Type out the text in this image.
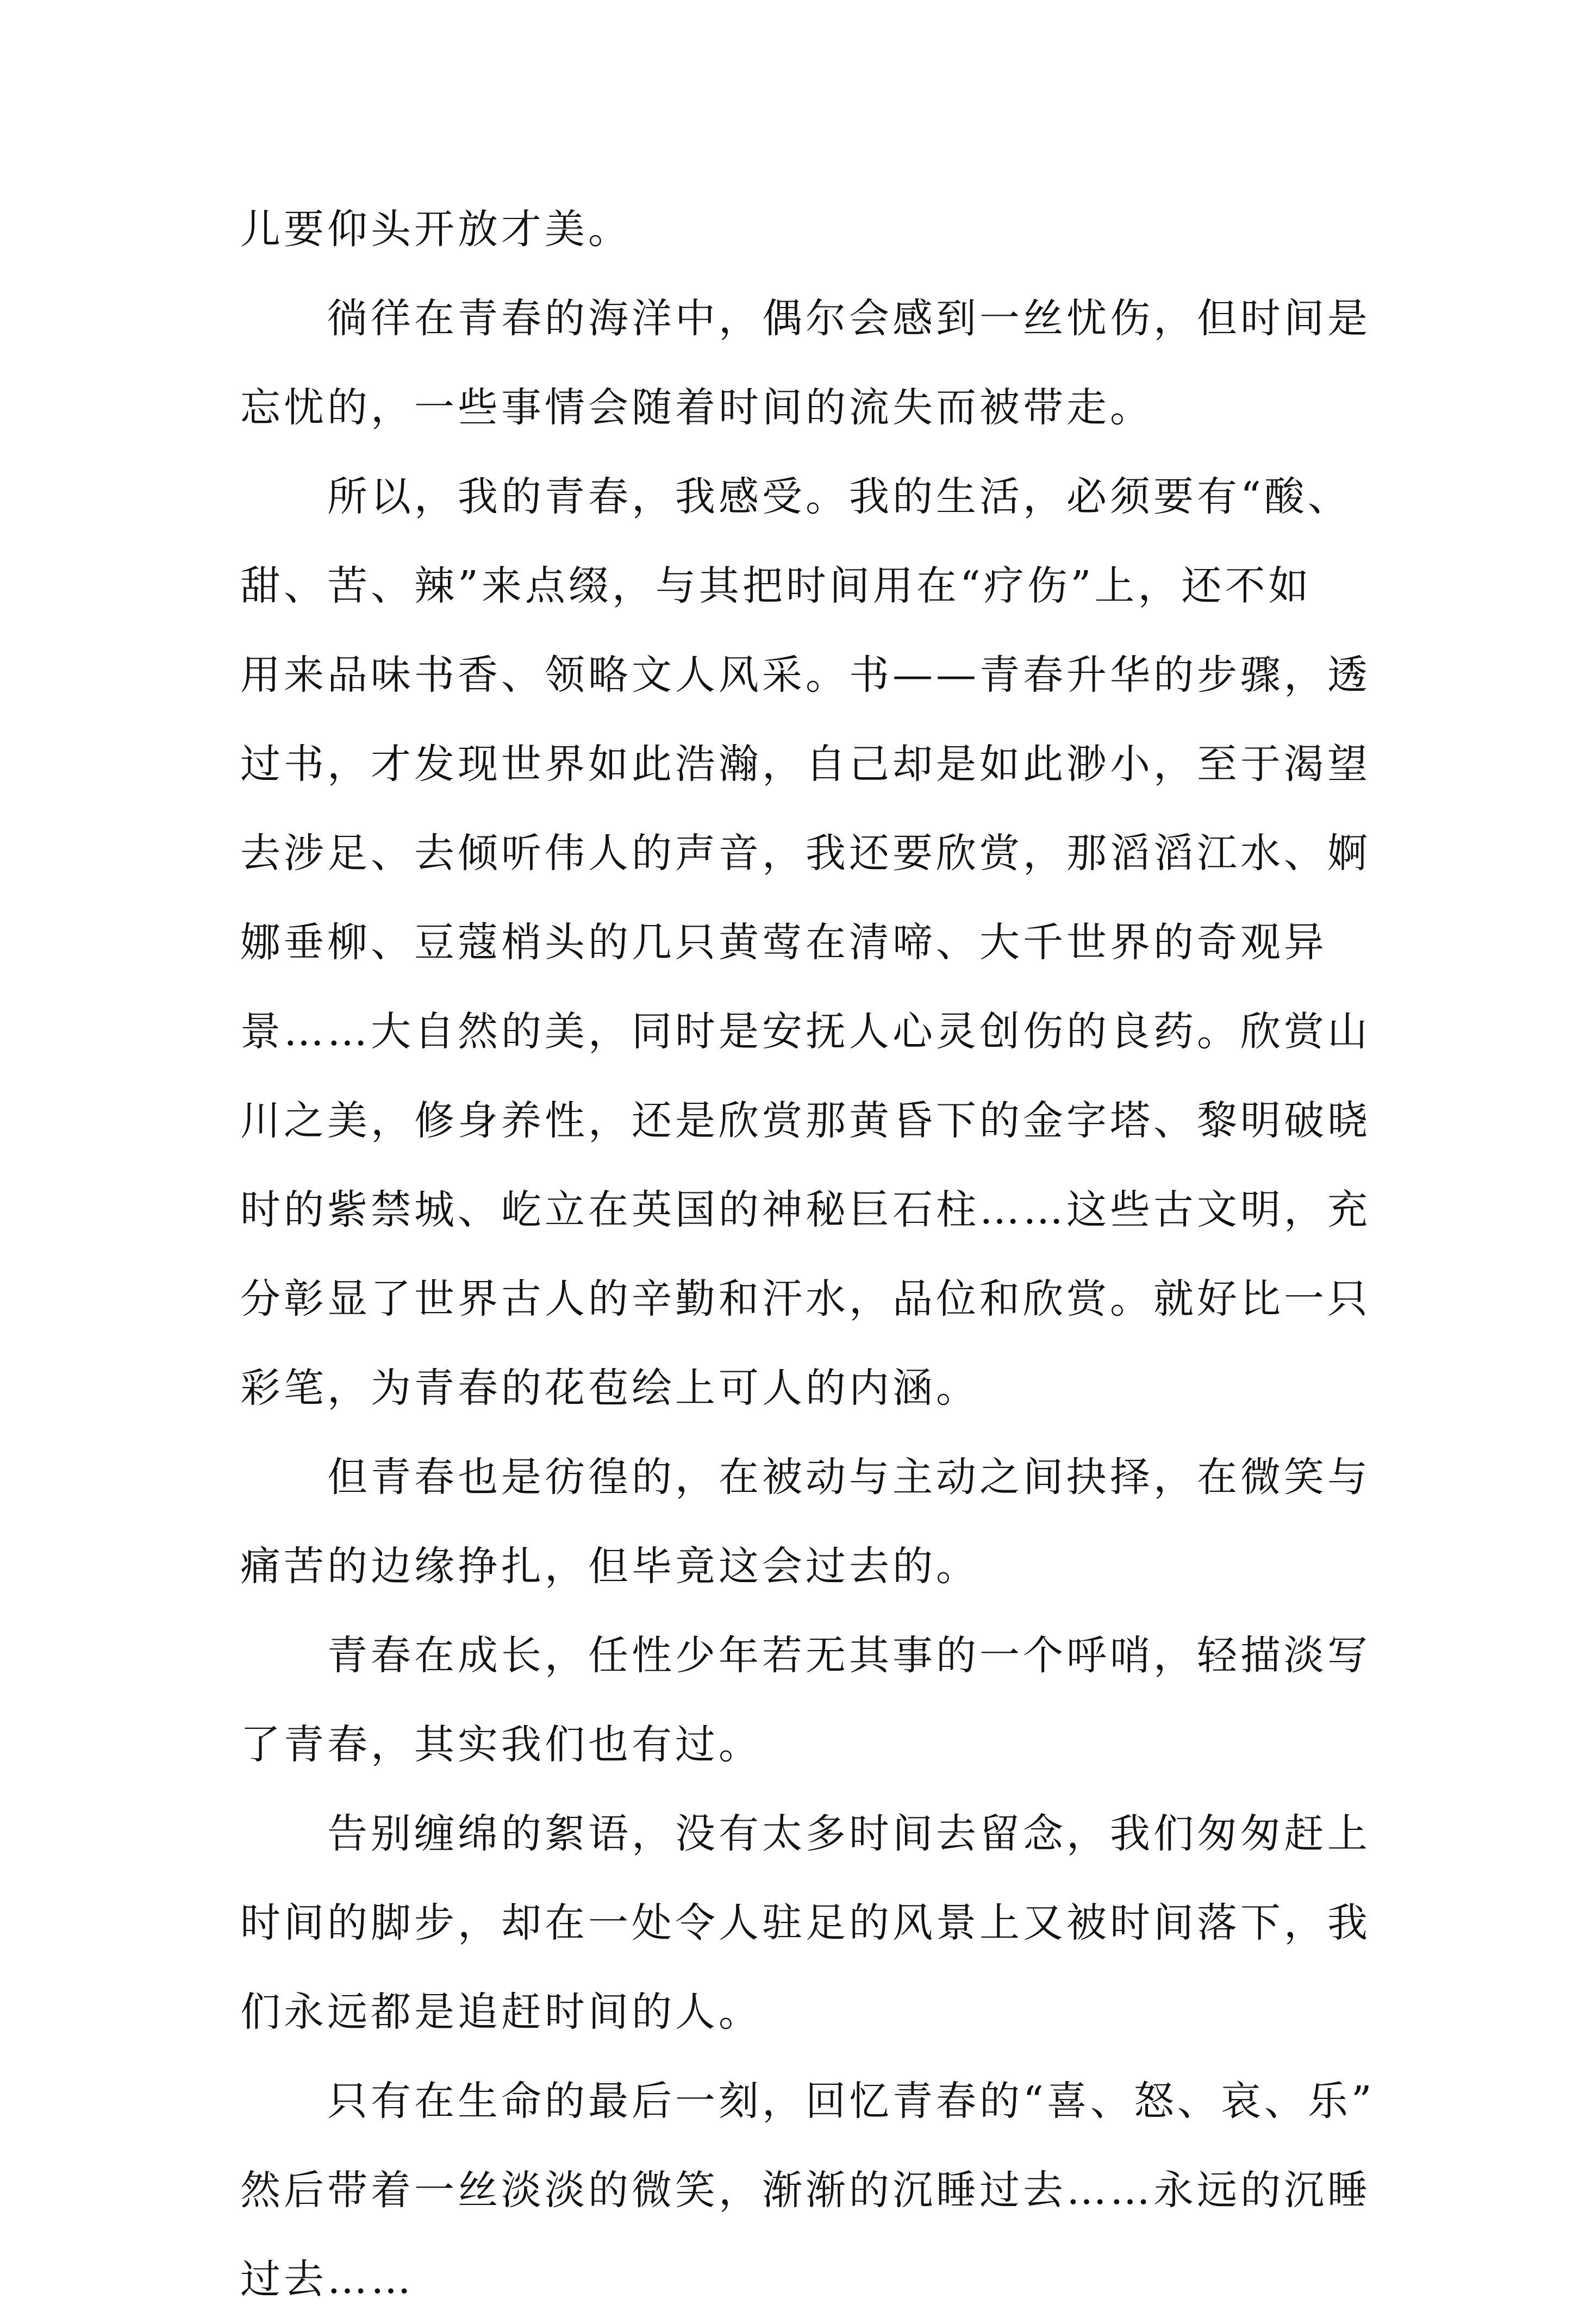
儿要仰头开放才美。
徜徉在青春的海洋中，偶尔会感到一丝忧伤，但时间是
忘忧的，一些事情会随着时间的流失而被带走。
所以，我的青春，我感受。我的生活，必须要有“酸、
甜、苦、辣”来点缀，与其把时间用在“疗伤”上，还不如
用来品味书香、领略文人风采。书——青春升华的步骤，透
过书，才发现世界如此浩瀚，自己却是如此渺小，至于渴望
去涉足、去倾听伟人的声音，我还要欣赏，那滔滔江水、婀
娜垂柳、豆蔻梢头的几只黄莺在清啼、大千世界的奇观异
景……大自然的美，同时是安抚人心灵创伤的良药。欣赏山
川之美，修身养性，还是欣赏那黄昏下的金字塔、黎明破晓
时的紫禁城、屹立在英国的神秘巨石柱……这些古文明，充
分彰显了世界古人的辛勤和汗水，品位和欣赏。就好比一只
彩笔，为青春的花苞绘上可人的内涵。
但青春也是彷徨的，在被动与主动之间抉择，在微笑与
痛苦的边缘挣扎，但毕竟这会过去的。
青春在成长，任性少年若无其事的一个呼哨，轻描淡写
了青春，其实我们也有过。
告别缠绵的絮语，没有太多时间去留念，我们匆匆赶上
时间的脚步，却在一处令人驻足的风景上又被时间落下，我
们永远都是追赶时间的人。
只有在生命的最后一刻，回忆青春的“喜、怒、哀、乐”
然后带着一丝淡淡的微笑，渐渐的沉睡过去……永远的沉睡
过去……
